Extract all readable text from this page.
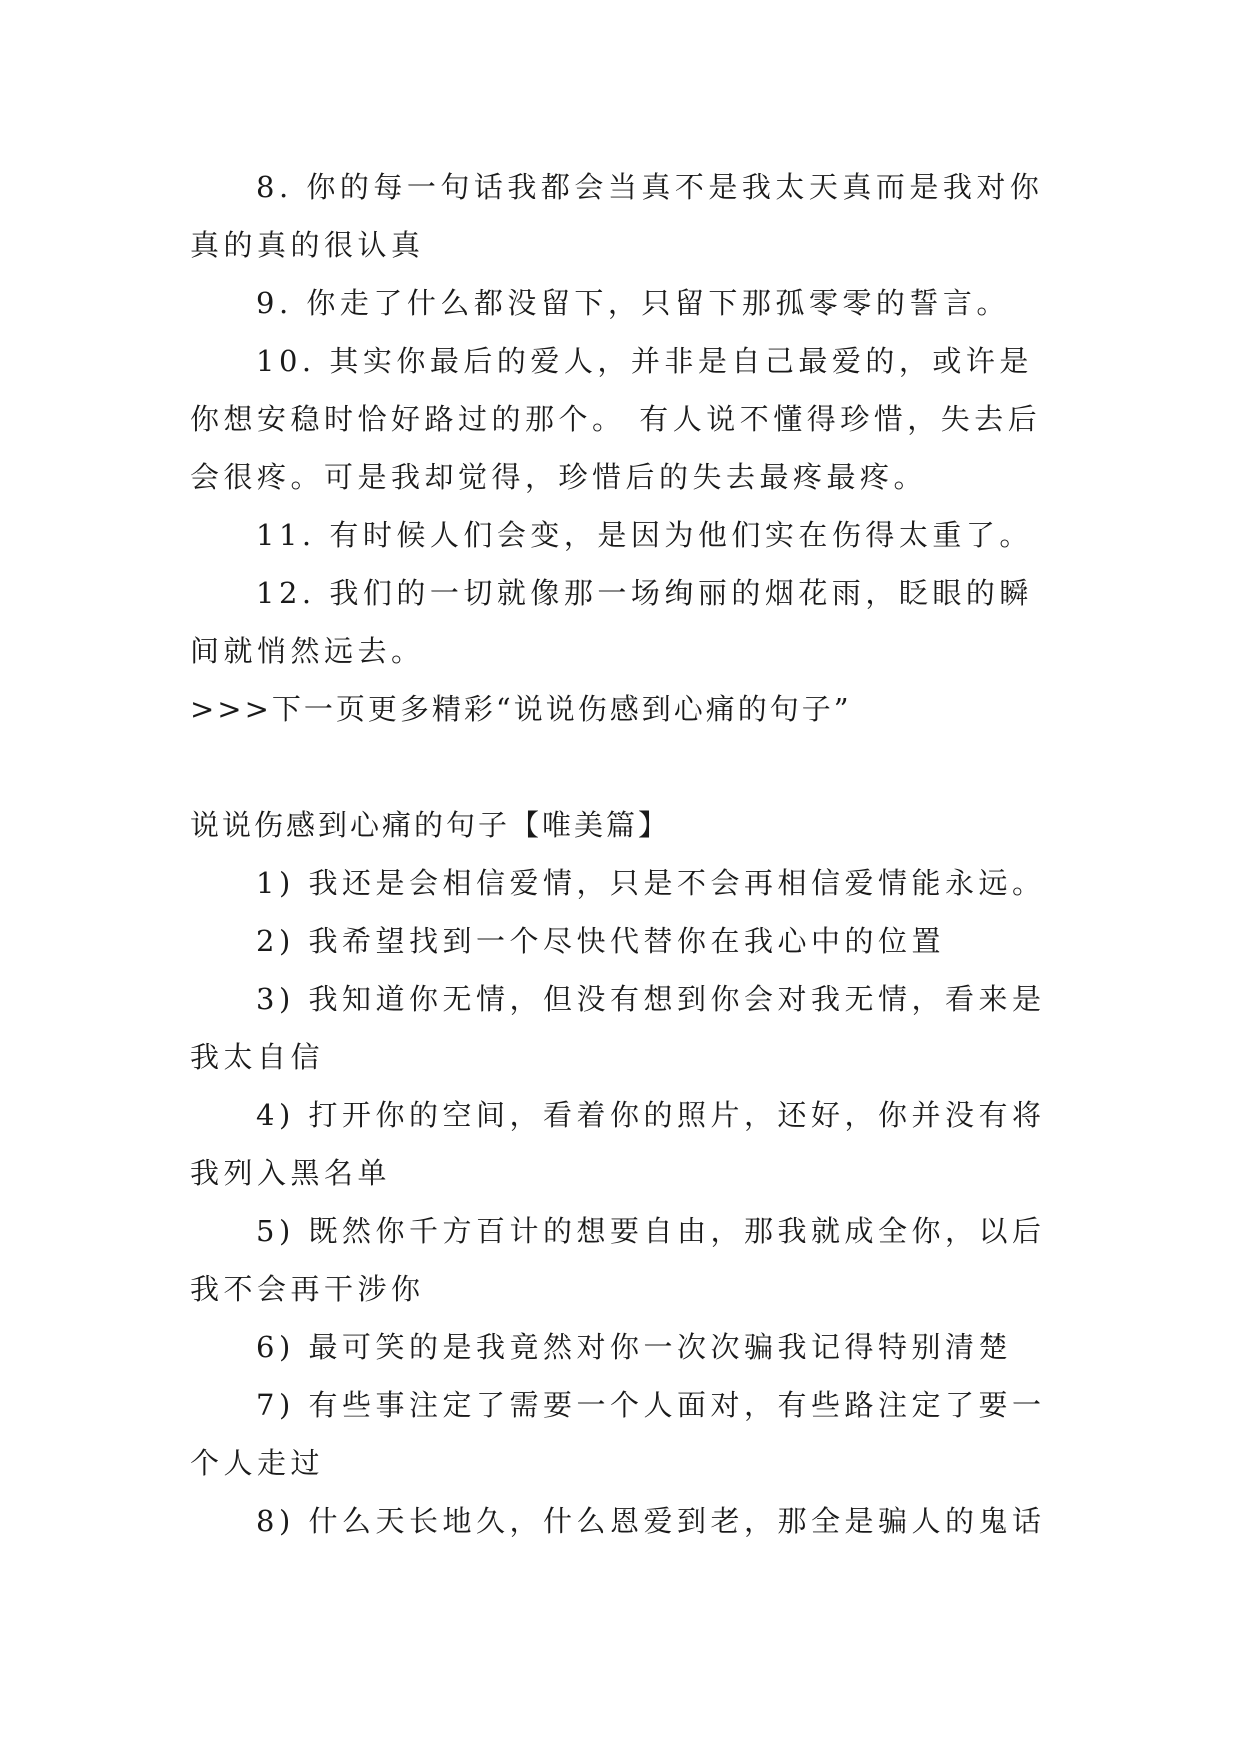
8. 你的每一句话我都会当真不是我太天真而是我对你真的真的很认真

9. 你走了什么都没留下，只留下那孤零零的誓言。

10. 其实你最后的爱人，并非是自己最爱的，或许是你想安稳时恰好路过的那个。 有人说不懂得珍惜，失去后会很疼。可是我却觉得，珍惜后的失去最疼最疼。

11. 有时候人们会变，是因为他们实在伤得太重了。

12. 我们的一切就像那一场绚丽的烟花雨，眨眼的瞬间就悄然远去。

>>>下一页更多精彩“说说伤感到心痛的句子”

说说伤感到心痛的句子【唯美篇】

1) 我还是会相信爱情，只是不会再相信爱情能永远。

2) 我希望找到一个尽快代替你在我心中的位置

3) 我知道你无情，但没有想到你会对我无情，看来是我太自信

4) 打开你的空间，看着你的照片，还好，你并没有将我列入黑名单

5) 既然你千方百计的想要自由，那我就成全你，以后我不会再干涉你

6) 最可笑的是我竟然对你一次次骗我记得特别清楚

7) 有些事注定了需要一个人面对，有些路注定了要一个人走过

8) 什么天长地久，什么恩爱到老，那全是骗人的鬼话
